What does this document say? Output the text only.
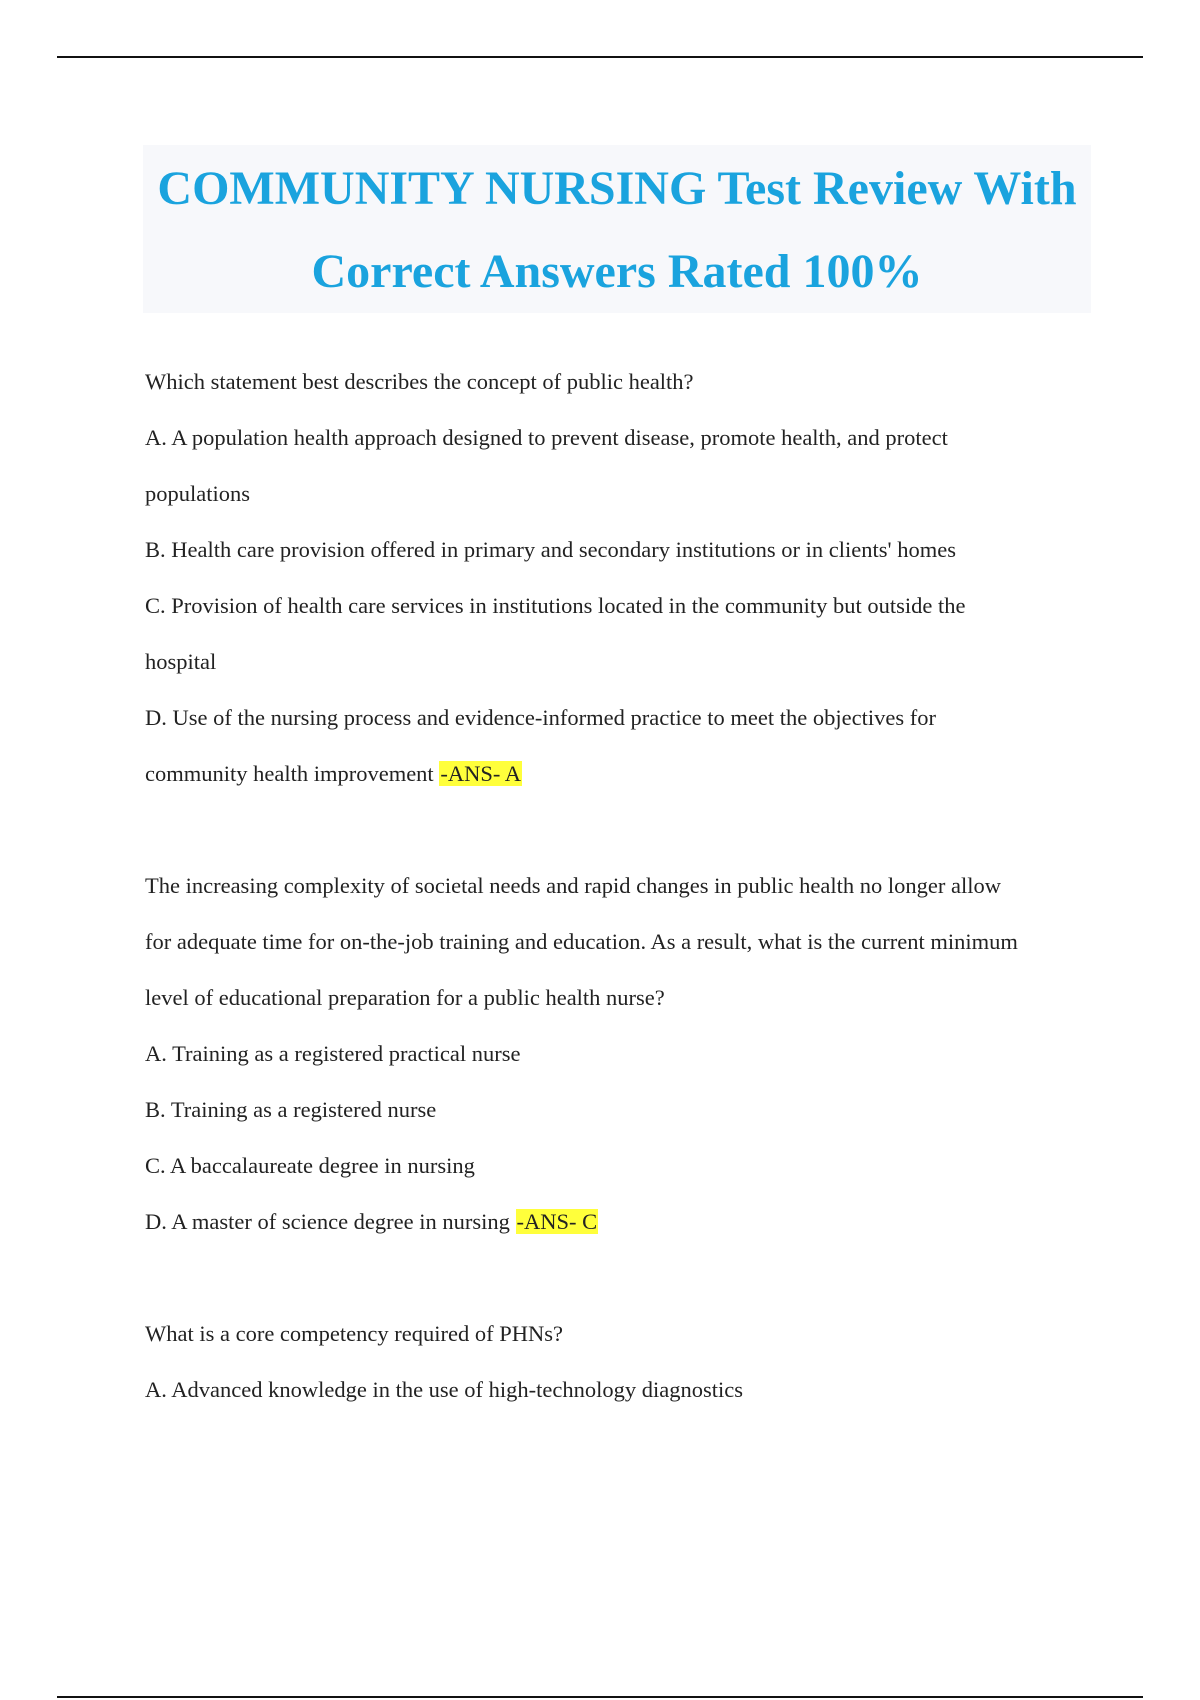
COMMUNITY NURSING Test Review With
Correct Answers Rated 100%
Which statement best describes the concept of public health?
A. A population health approach designed to prevent disease, promote health, and protect
populations
B. Health care provision offered in primary and secondary institutions or in clients' homes
C. Provision of health care services in institutions located in the community but outside the
hospital
D. Use of the nursing process and evidence-informed practice to meet the objectives for
community health improvement -ANS- A
The increasing complexity of societal needs and rapid changes in public health no longer allow
for adequate time for on-the-job training and education. As a result, what is the current minimum
level of educational preparation for a public health nurse?
A. Training as a registered practical nurse
B. Training as a registered nurse
C. A baccalaureate degree in nursing
D. A master of science degree in nursing -ANS- C
What is a core competency required of PHNs?
A. Advanced knowledge in the use of high-technology diagnostics
